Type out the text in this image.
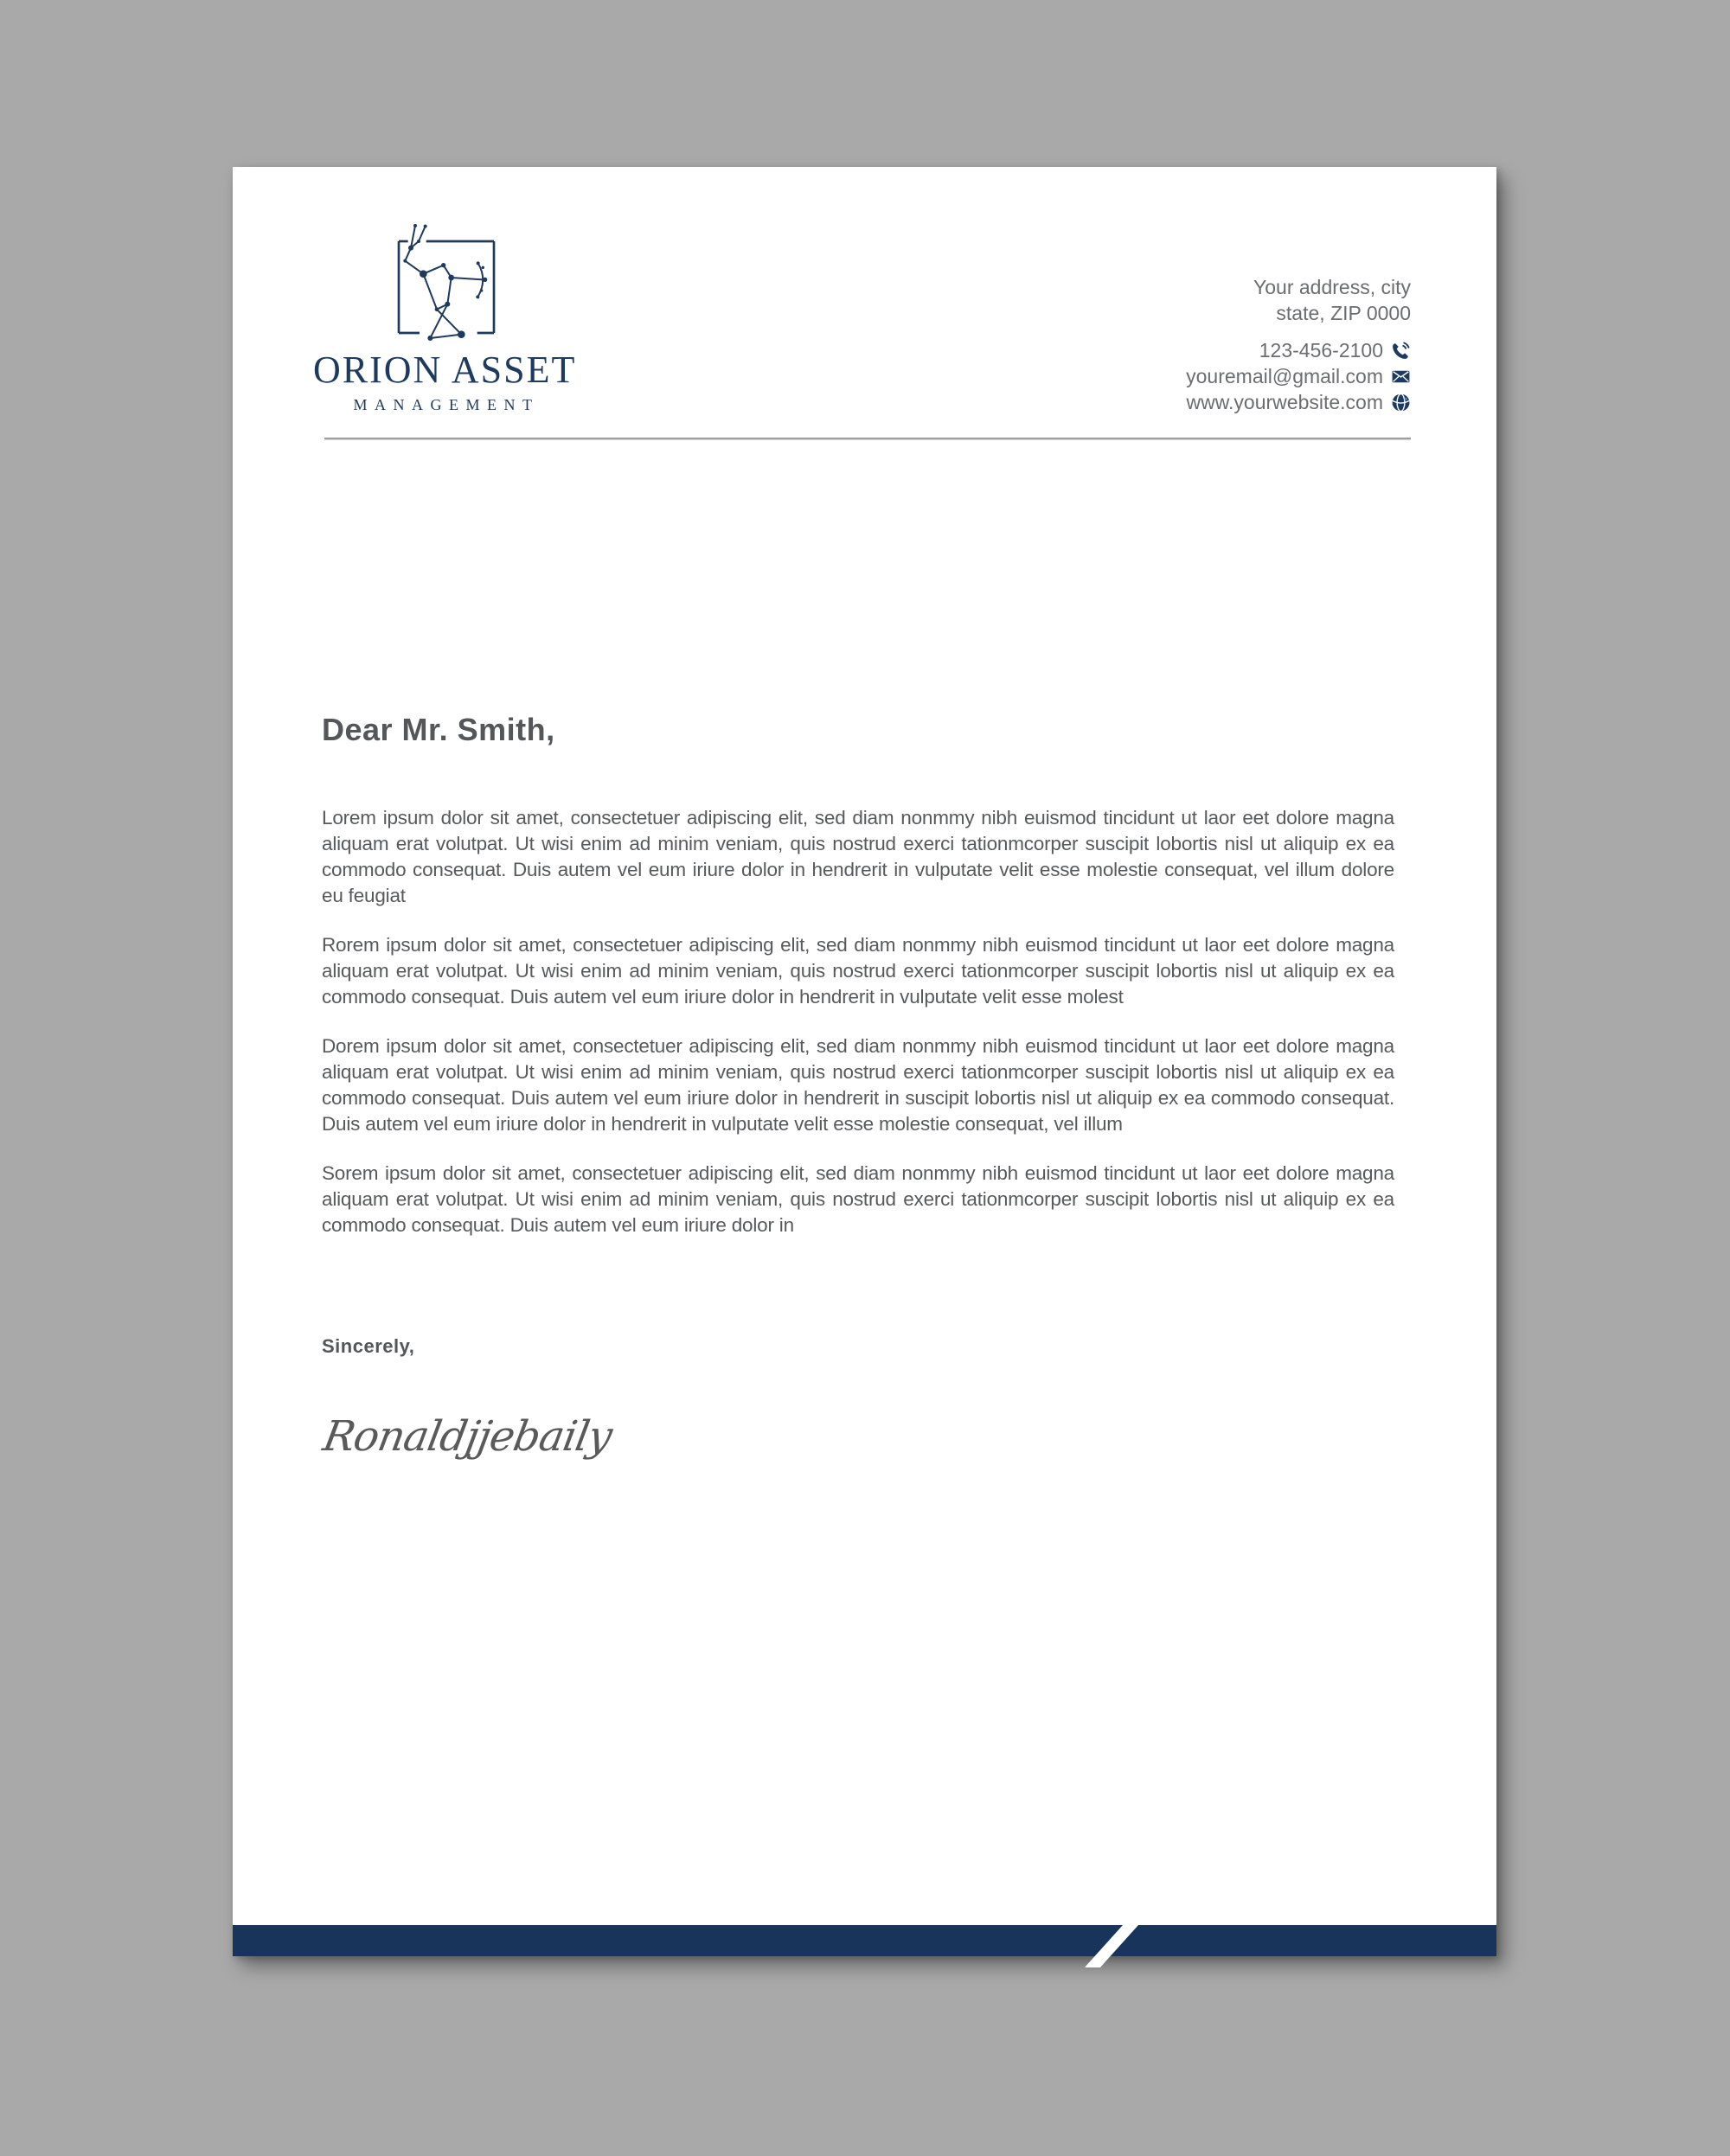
ORION ASSET
MANAGEMENT
Your address, city
state, ZIP 0000
123-456-2100
youremail@gmail.com
www.yourwebsite.com
Dear Mr. Smith,

Lorem ipsum dolor sit amet, consectetuer adipiscing elit, sed diam nonmmy nibh euismod tincidunt ut laor eet dolore magna aliquam erat volutpat. Ut wisi enim ad minim veniam, quis nostrud exerci tationmcorper suscipit lobortis nisl ut aliquip ex ea commodo consequat. Duis autem vel eum iriure dolor in hendrerit in vulputate velit esse molestie consequat, vel illum dolore eu feugiat

Rorem ipsum dolor sit amet, consectetuer adipiscing elit, sed diam nonmmy nibh euismod tincidunt ut laor eet dolore magna aliquam erat volutpat. Ut wisi enim ad minim veniam, quis nostrud exerci tationmcorper suscipit lobortis nisl ut aliquip ex ea commodo consequat. Duis autem vel eum iriure dolor in hendrerit in vulputate velit esse molest

Dorem ipsum dolor sit amet, consectetuer adipiscing elit, sed diam nonmmy nibh euismod tincidunt ut laor eet dolore magna aliquam erat volutpat. Ut wisi enim ad minim veniam, quis nostrud exerci tationmcorper suscipit lobortis nisl ut aliquip ex ea commodo consequat. Duis autem vel eum iriure dolor in hendrerit in suscipit lobortis nisl ut aliquip ex ea commodo consequat. Duis autem vel eum iriure dolor in hendrerit in vulputate velit esse molestie consequat, vel illum

Sorem ipsum dolor sit amet, consectetuer adipiscing elit, sed diam nonmmy nibh euismod tincidunt ut laor eet dolore magna aliquam erat volutpat. Ut wisi enim ad minim veniam, quis nostrud exerci tationmcorper suscipit lobortis nisl ut aliquip ex ea commodo consequat. Duis autem vel eum iriure dolor in

Sincerely,
Ronaldjjebaily
